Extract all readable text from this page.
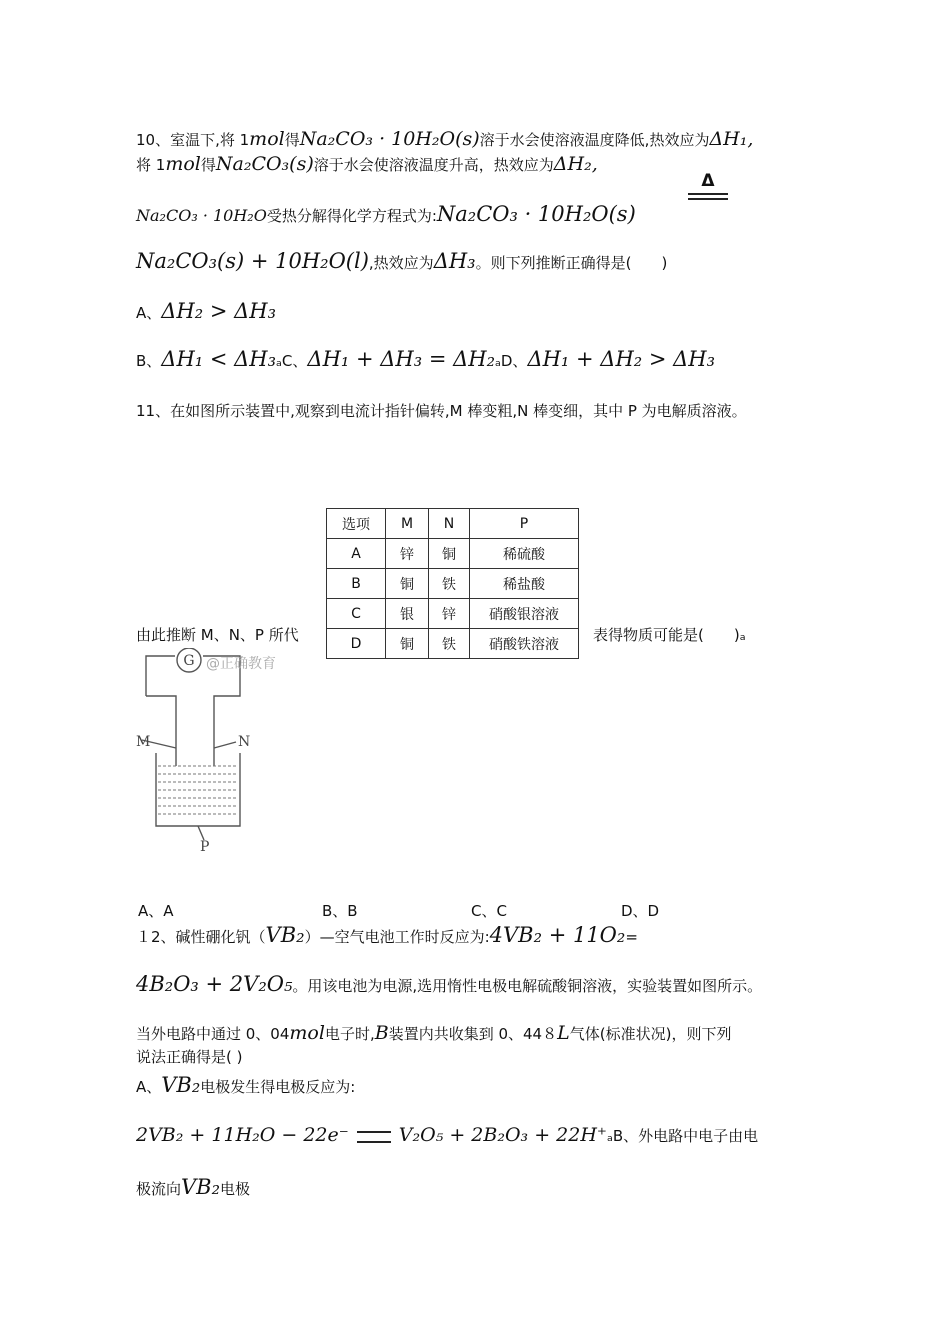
10、室温下,将 1mol得Na₂CO₃ · 10H₂O(s)溶于水会使溶液温度降低,热效应为ΔH₁,
将 1mol得Na₂CO₃(s)溶于水会使溶液温度升高，热效应为ΔH₂,
Na₂CO₃ · 10H₂O受热分解得化学方程式为:Na₂CO₃ · 10H₂O(s)
Δ
Na₂CO₃(s) + 10H₂O(l),热效应为ΔH₃。则下列推断正确得是(　　)
A、ΔH₂ > ΔH₃
B、ΔH₁ < ΔH₃ₐC、ΔH₁ + ΔH₃ = ΔH₂ₐD、ΔH₁ + ΔH₂ > ΔH₃
11、在如图所示装置中,观察到电流计指针偏转,M 棒变粗,N 棒变细，其中 P 为电解质溶液。
选项	M	N	P
A	锌	铜	稀硫酸
B	铜	铁	稀盐酸
C	银	锌	硝酸银溶液
D	铜	铁	硝酸铁溶液
由此推断 M、N、P 所代	表得物质可能是(　　)ₐ
G @正确教育
M	N
P
A、A	B、B	C、C	D、D
１2、碱性硼化钒（VB₂）—空气电池工作时反应为:4VB₂ + 11O₂=
4B₂O₃ + 2V₂O₅。用该电池为电源,选用惰性电极电解硫酸铜溶液，实验装置如图所示。
当外电路中通过 0、04mol电子时,B装置内共收集到 0、44８L气体(标准状况)，则下列
说法正确得是( )
A、VB₂电极发生得电极反应为:
2VB₂ + 11H₂O − 22e⁻	V₂O₅ + 2B₂O₃ + 22H⁺ₐB、外电路中电子由电
极流向VB₂电极
